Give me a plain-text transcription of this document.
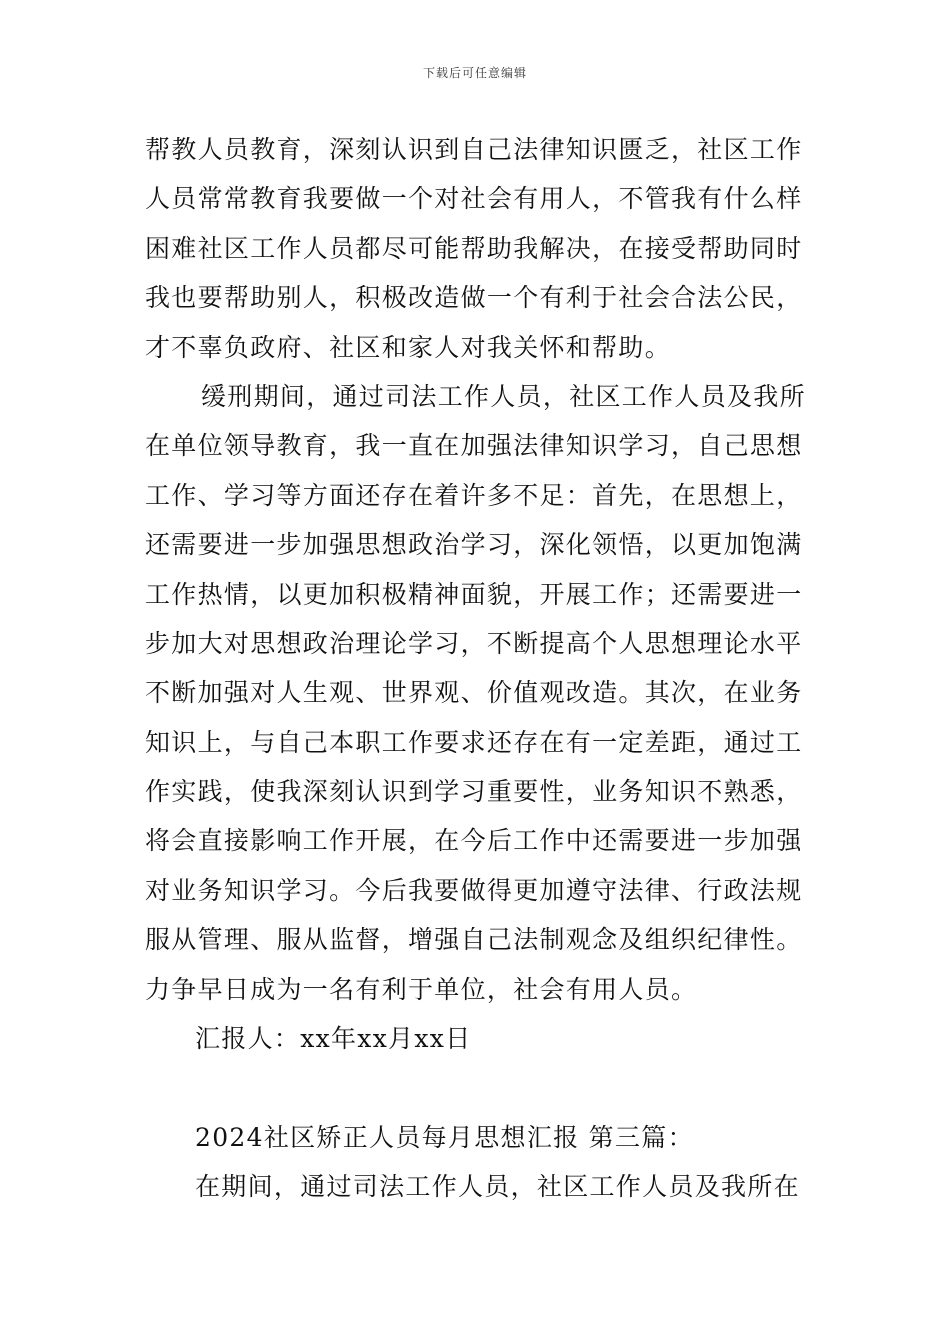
下载后可任意编辑
帮教人员教育，深刻认识到自己法律知识匮乏，社区工作
人员常常教育我要做一个对社会有用人，不管我有什么样
困难社区工作人员都尽可能帮助我解决，在接受帮助同时
我也要帮助别人，积极改造做一个有利于社会合法公民，
才不辜负政府、社区和家人对我关怀和帮助。
缓刑期间，通过司法工作人员，社区工作人员及我所
在单位领导教育，我一直在加强法律知识学习，自己思想
工作、学习等方面还存在着许多不足：首先，在思想上，
还需要进一步加强思想政治学习，深化领悟，以更加饱满
工作热情，以更加积极精神面貌，开展工作；还需要进一
步加大对思想政治理论学习，不断提高个人思想理论水平
不断加强对人生观、世界观、价值观改造。其次，在业务
知识上，与自己本职工作要求还存在有一定差距，通过工
作实践，使我深刻认识到学习重要性，业务知识不熟悉，
将会直接影响工作开展，在今后工作中还需要进一步加强
对业务知识学习。今后我要做得更加遵守法律、行政法规
服从管理、服从监督，增强自己法制观念及组织纪律性。
力争早日成为一名有利于单位，社会有用人员。
汇报人：xx年xx月xx日
2024社区矫正人员每月思想汇报 第三篇：
在期间，通过司法工作人员，社区工作人员及我所在
